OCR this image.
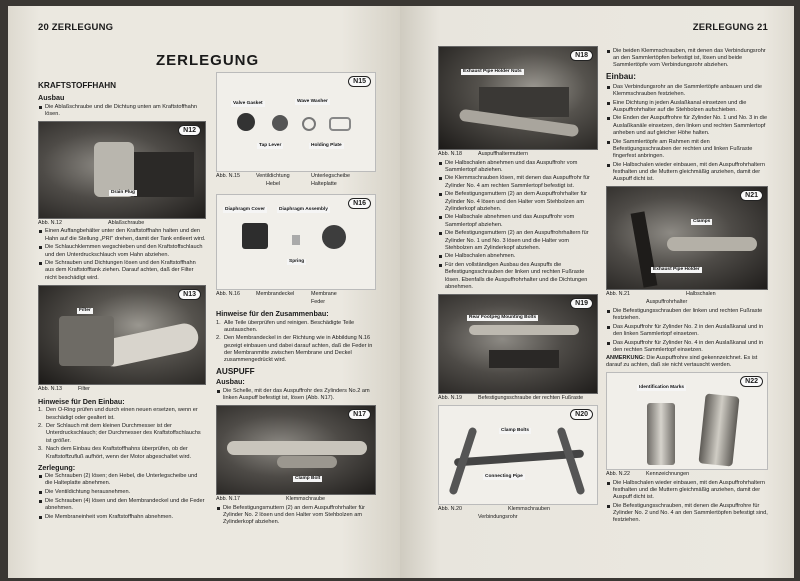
20 ZERLEGUNG
ZERLEGUNG
KRAFTSTOFFHAHN
Ausbau
Die Ablaßschraube und die Dichtung unten am Kraftstoffhahn lösen.
N12
Drain Plug
Abb. N.12	Ablaßschraube
Einen Auffangbehälter unter den Kraftstoffhahn halten und den Hahn auf die Stellung „PRI" drehen, damit der Tank entleert wird.
Die Schlauchklemmen wegschieben und den Kraftstoffschlauch und den Unterdruckschlauch vom Hahn abziehen.
Die Schrauben und Dichtungen lösen und den Kraftstoffhahn aus dem Kraftstofftank ziehen. Darauf achten, daß der Filter nicht beschädigt wird.
N13
Filter
Abb. N.13	Filter
Hinweise für Den Einbau:
1. Den O-Ring prüfen und durch einen neuen ersetzen, wenn er beschädigt oder gealtert ist.
2. Der Schlauch mit dem kleinen Durchmesser ist der Unterdruckschlauch; der Durchmesser des Kraftstoffschlauchs ist größer.
3. Nach dem Einbau des Kraftstoffhahns überprüfen, ob der Kraftstoffzufluß aufhört, wenn der Motor abgeschaltet wird.
Zerlegung:
Die Schrauben (2) lösen; den Hebel, die Unterlegscheibe und die Halteplatte abnehmen.
Die Ventildichtung herausnehmen.
Die Schrauben (4) lösen und den Membrandeckel und die Feder abnehmen.
Die Membraneinheit vom Kraftstoffhahn abnehmen.
N15
Valve Gasket	Wave Washer
Tap Lever	Holding Plate
Abb. N.15	Ventildichtung	Unterlegscheibe
Hebel	Halteplatte
N16
Diaphragm Cover	Diaphragm Assembly
Spring
Abb. N.16	Membrandeckel	Membrane
Feder
Hinweise für den Zusammenbau:
1. Alle Teile überprüfen und reinigen. Beschädigte Teile austauschen.
2. Den Membrandeckel in der Richtung wie in Abbildung N.16 gezeigt einbauen und dabei darauf achten, daß die Feder in der Membranmitte zwischen Membrane und Deckel zusammengedrückt wird.
AUSPUFF
Ausbau:
Die Schelle, mit der das Auspuffrohr des Zylinders No.2 am linken Auspuff befestigt ist, lösen (Abb. N17).
N17
Clamp Bolt
Abb. N.17	Klemmschraube
Die Befestigungsmuttern (2) an dem Auspuffrohrhalter für Zylinder No. 2 lösen und den Halter vom Stehbolzen am Zylinderkopf abziehen.
ZERLEGUNG 21
N18
Exhaust Pipe Holder Nuts
Abb. N.18	Auspuffhaltermuttern
Die Halbschalen abnehmen und das Auspuffrohr vom Sammlertopf abziehen.
Die Klemmschrauben lösen, mit denen das Auspuffrohr für Zylinder No. 4 am rechten Sammlertopf befestigt ist.
Die Befestigungsmuttern (2) an dem Auspuffrohrhalter für Zylinder No. 4 lösen und den Halter vom Stehbolzen am Zylinderkopf abziehen.
Die Halbschale abnehmen und das Auspuffrohr vom Sammlertopf abziehen.
Die Befestigungsmuttern (2) an den Auspuffrohrhaltern für Zylinder No. 1 und No. 3 lösen und die Halter vom Stehbolzen am Zylinderkopf abziehen.
Die Halbschalen abnehmen.
Für den vollständigen Ausbau des Auspuffs die Befestigungsschrauben der linken und rechten Fußraste lösen. Ebenfalls die Auspuffrohrhalter und die Dichtungen abnehmen.
N19
Rear Footpeg Mounting Bolts
Abb. N.19	Befestigungsschraube der rechten Fußraste
N20
Clamp Bolts
Connecting Pipe
Abb. N.20	Klemmschrauben
Verbindungsrohr
Die beiden Klemmschrauben, mit denen das Verbindungsrohr an den Sammlertöpfen befestigt ist, lösen und beide Sammlertöpfe vom Verbindungsrohr abziehen.
Einbau:
Das Verbindungsrohr an die Sammlertöpfe anbauen und die Klemmschrauben festziehen.
Eine Dichtung in jeden Auslaßkanal einsetzen und die Auspuffrohrhalter auf die Stehbolzen aufschieben.
Die Enden der Auspuffrohre für Zylinder No. 1 und No. 3 in die Auslaßkanäle einsetzen, den linken und rechten Sammlertopf anheben und auf gleicher Höhe halten.
Die Sammlertöpfe am Rahmen mit den Befestigungsschrauben der rechten und linken Fußraste fingerfest anbringen.
Die Halbschalen wieder einbauen, mit den Auspuffrohrhaltern festhalten und die Muttern gleichmäßig anziehen, damit der Auspuff dicht ist.
N21
Clamps
Exhaust Pipe Holder
Abb. N.21	Halbschalen
Auspuffrohrhalter
Die Befestigungsschrauben der linken und rechten Fußraste festziehen.
Das Auspuffrohr für Zylinder No. 2 in den Auslaßkanal und in den linken Sammlertopf einsetzen.
Das Auspuffrohr für Zylinder No. 4 in den Auslaßkanal und in den rechten Sammlertopf einsetzen.
ANMERKUNG: Die Auspuffrohre sind gekennzeichnet. Es ist darauf zu achten, daß sie nicht vertauscht werden.
N22
Identification Marks
Abb. N.22	Kennzeichnungen
Die Halbschalen wieder einbauen, mit den Auspuffrohrhaltern festhalten und die Muttern gleichmäßig anziehen, damit der Auspuff dicht ist.
Die Befestigungsschrauben, mit denen die Auspuffrohre für Zylinder No. 2 und No. 4 an den Sammlertöpfen befestigt sind, festziehen.
